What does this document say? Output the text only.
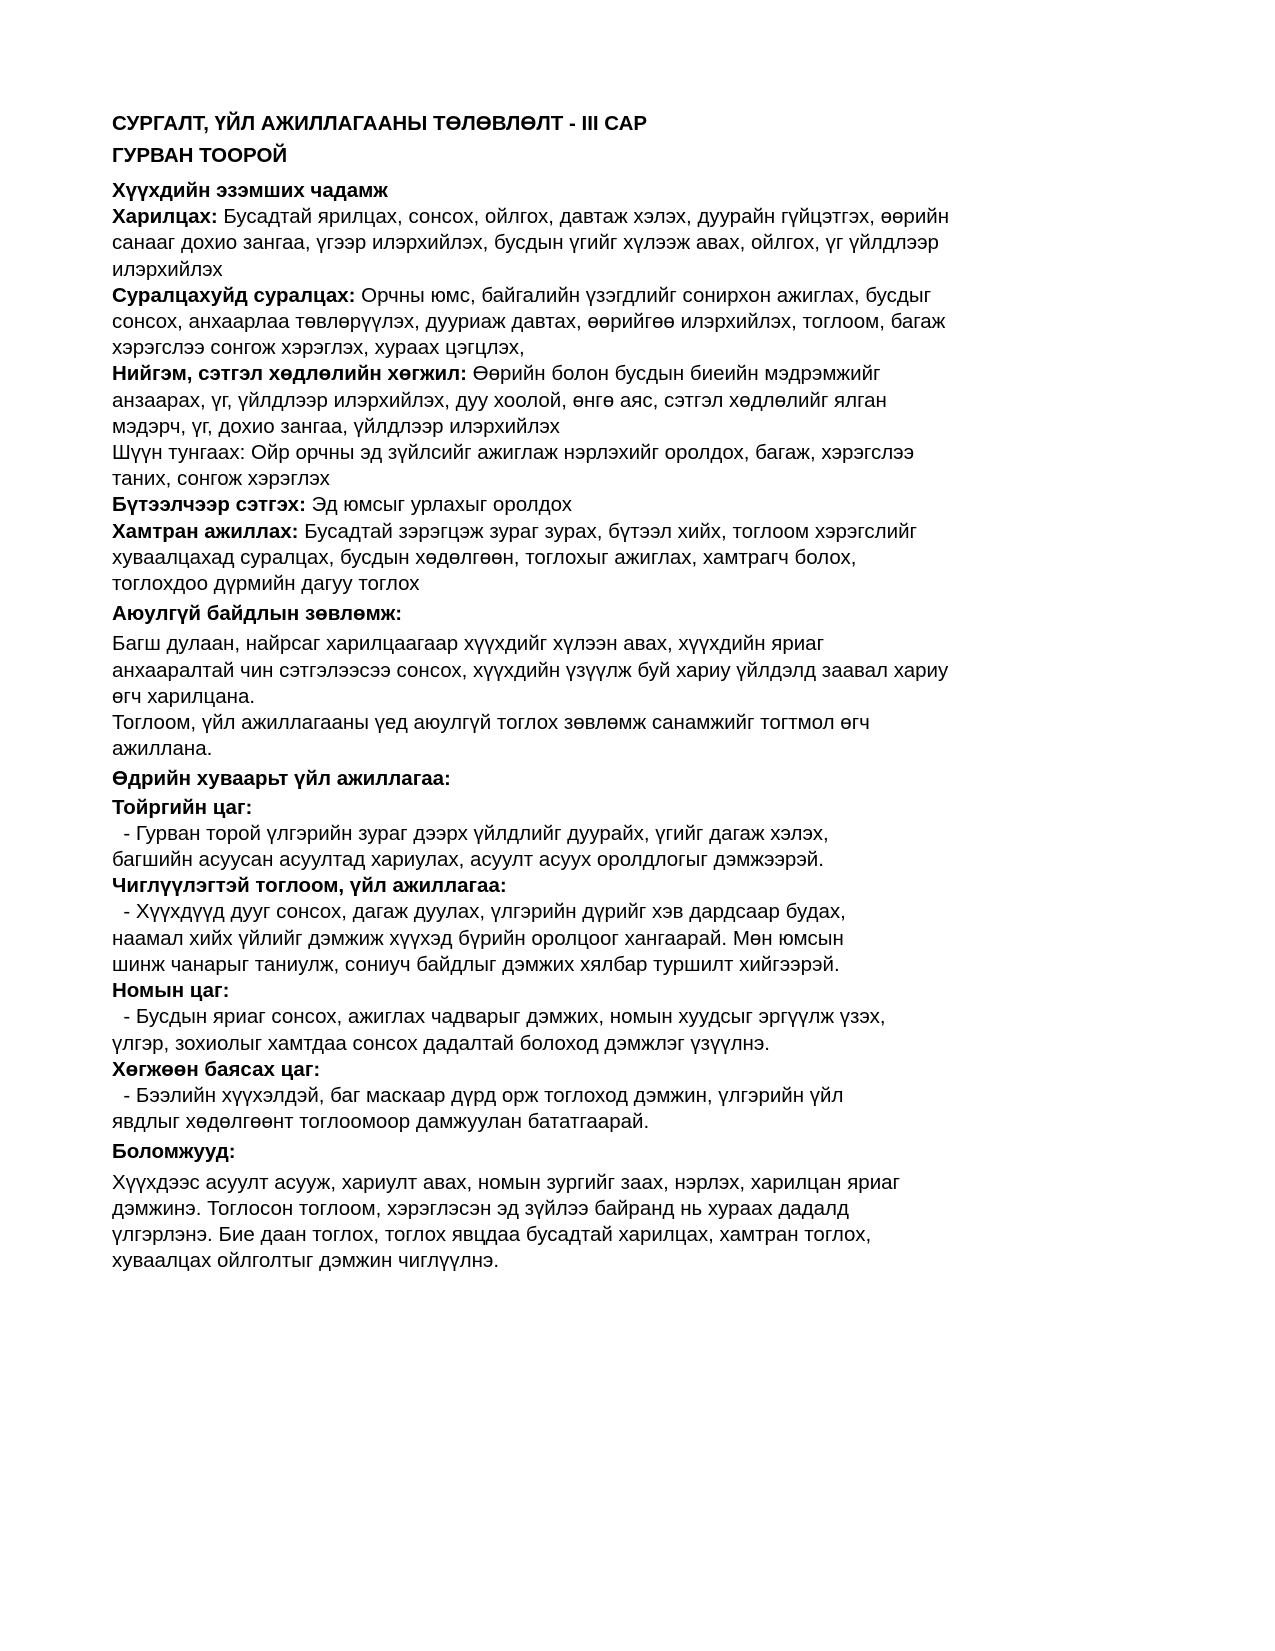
СУРГАЛТ, ҮЙЛ АЖИЛЛАГААНЫ ТӨЛӨВЛӨЛТ - III САР
ГУРВАН ТООРОЙ
Хүүхдийн эзэмших чадамж

Харилцах: Бусадтай ярилцах, сонсох, ойлгох, давтаж хэлэх, дуурайн гүйцэтгэх, өөрийн
санааг дохио зангаа, үгээр илэрхийлэх, бусдын үгийг хүлээж авах, ойлгох, үг үйлдлээр
илэрхийлэх

Суралцахуйд суралцах: Орчны юмс, байгалийн үзэгдлийг сонирхон ажиглах, бусдыг
сонсох, анхаарлаа төвлөрүүлэх, дууриаж давтах, өөрийгөө илэрхийлэх, тоглоом, багаж
хэрэгслээ сонгож хэрэглэх, хураах цэгцлэх,

Нийгэм, сэтгэл хөдлөлийн хөгжил: Өөрийн болон бусдын биеийн мэдрэмжийг
анзаарах, үг, үйлдлээр илэрхийлэх, дуу хоолой, өнгө аяс, сэтгэл хөдлөлийг ялган
мэдэрч, үг, дохио зангаа, үйлдлээр илэрхийлэх

Шүүн тунгаах: Ойр орчны эд зүйлсийг ажиглаж нэрлэхийг оролдох, багаж, хэрэгслээ
таних, сонгож хэрэглэх

Бүтээлчээр сэтгэх: Эд юмсыг урлахыг оролдох

Хамтран ажиллах: Бусадтай зэрэгцэж зураг зурах, бүтээл хийх, тоглоом хэрэгслийг
хуваалцахад суралцах, бусдын хөдөлгөөн, тоглохыг ажиглах, хамтрагч болох,
тоглохдоо дүрмийн дагуу тоглох

Аюулгүй байдлын зөвлөмж:

Багш дулаан, найрсаг харилцаагаар хүүхдийг хүлээн авах, хүүхдийн яриаг
анхааралтай чин сэтгэлээсээ сонсох, хүүхдийн үзүүлж буй хариу үйлдэлд заавал хариу
өгч харилцана.
Тоглоом, үйл ажиллагааны үед аюулгүй тоглох зөвлөмж санамжийг тогтмол өгч
ажиллана.

Өдрийн хуваарьт үйл ажиллагаа:
Тойргийн цаг:

- Гурван торой үлгэрийн зураг дээрх үйлдлийг дуурайх, үгийг дагаж хэлэх,
багшийн асуусан асуултад хариулах, асуулт асуух оролдлогыг дэмжээрэй.

Чиглүүлэгтэй тоглоом, үйл ажиллагаа:

- Хүүхдүүд дууг сонсох, дагаж дуулах, үлгэрийн дүрийг хэв дардсаар будах,
наамал хийх үйлийг дэмжиж хүүхэд бүрийн оролцоог хангаарай. Мөн юмсын
шинж чанарыг таниулж, сониуч байдлыг дэмжих хялбар туршилт хийгээрэй.

Номын цаг:

- Бусдын яриаг сонсох, ажиглах чадварыг дэмжих, номын хуудсыг эргүүлж үзэх,
үлгэр, зохиолыг хамтдаа сонсох дадалтай болоход дэмжлэг үзүүлнэ.

Хөгжөөн баясах цаг:

- Бээлийн хүүхэлдэй, баг маскаар дүрд орж тоглоход дэмжин, үлгэрийн үйл
явдлыг хөдөлгөөнт тоглоомоор дамжуулан бататгаарай.

Боломжууд:

Хүүхдээс асуулт асууж, хариулт авах, номын зургийг заах, нэрлэх, харилцан яриаг
дэмжинэ. Тоглосон тоглоом, хэрэглэсэн эд зүйлээ байранд нь хураах дадалд
үлгэрлэнэ. Бие даан тоглох, тоглох явцдаа бусадтай харилцах, хамтран тоглох,
хуваалцах ойлголтыг дэмжин чиглүүлнэ.
